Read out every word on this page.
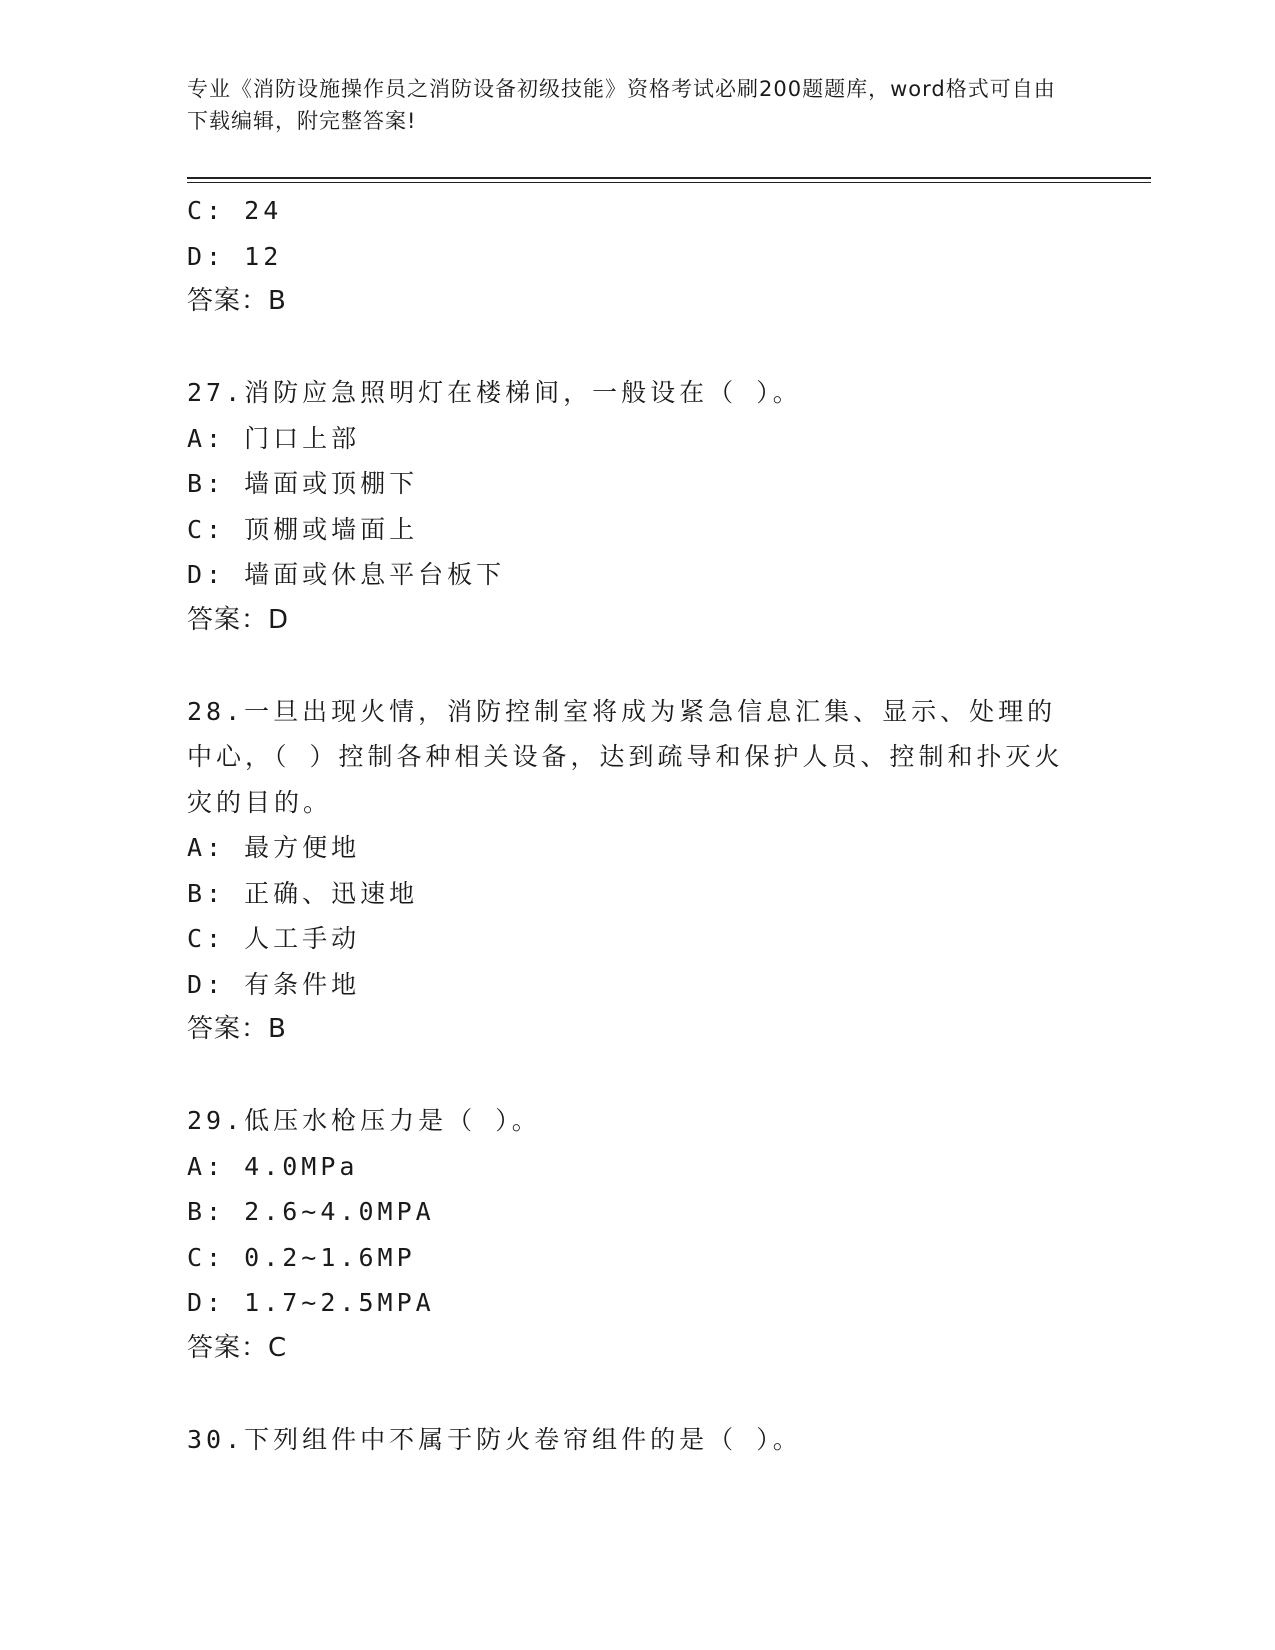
专业《消防设施操作员之消防设备初级技能》资格考试必刷200题题库，word格式可自由下载编辑，附完整答案!
C: 24
D: 12
答案：B
27.消防应急照明灯在楼梯间，一般设在（ ）。
A: 门口上部
B: 墙面或顶棚下
C: 顶棚或墙面上
D: 墙面或休息平台板下
答案：D
28.一旦出现火情，消防控制室将成为紧急信息汇集、显示、处理的中心，（ ）控制各种相关设备，达到疏导和保护人员、控制和扑灭火灾的目的。
A: 最方便地
B: 正确、迅速地
C: 人工手动
D: 有条件地
答案：B
29.低压水枪压力是（ ）。
A: 4.0MPa
B: 2.6~4.0MPA
C: 0.2~1.6MP
D: 1.7~2.5MPA
答案：C
30.下列组件中不属于防火卷帘组件的是（ ）。
